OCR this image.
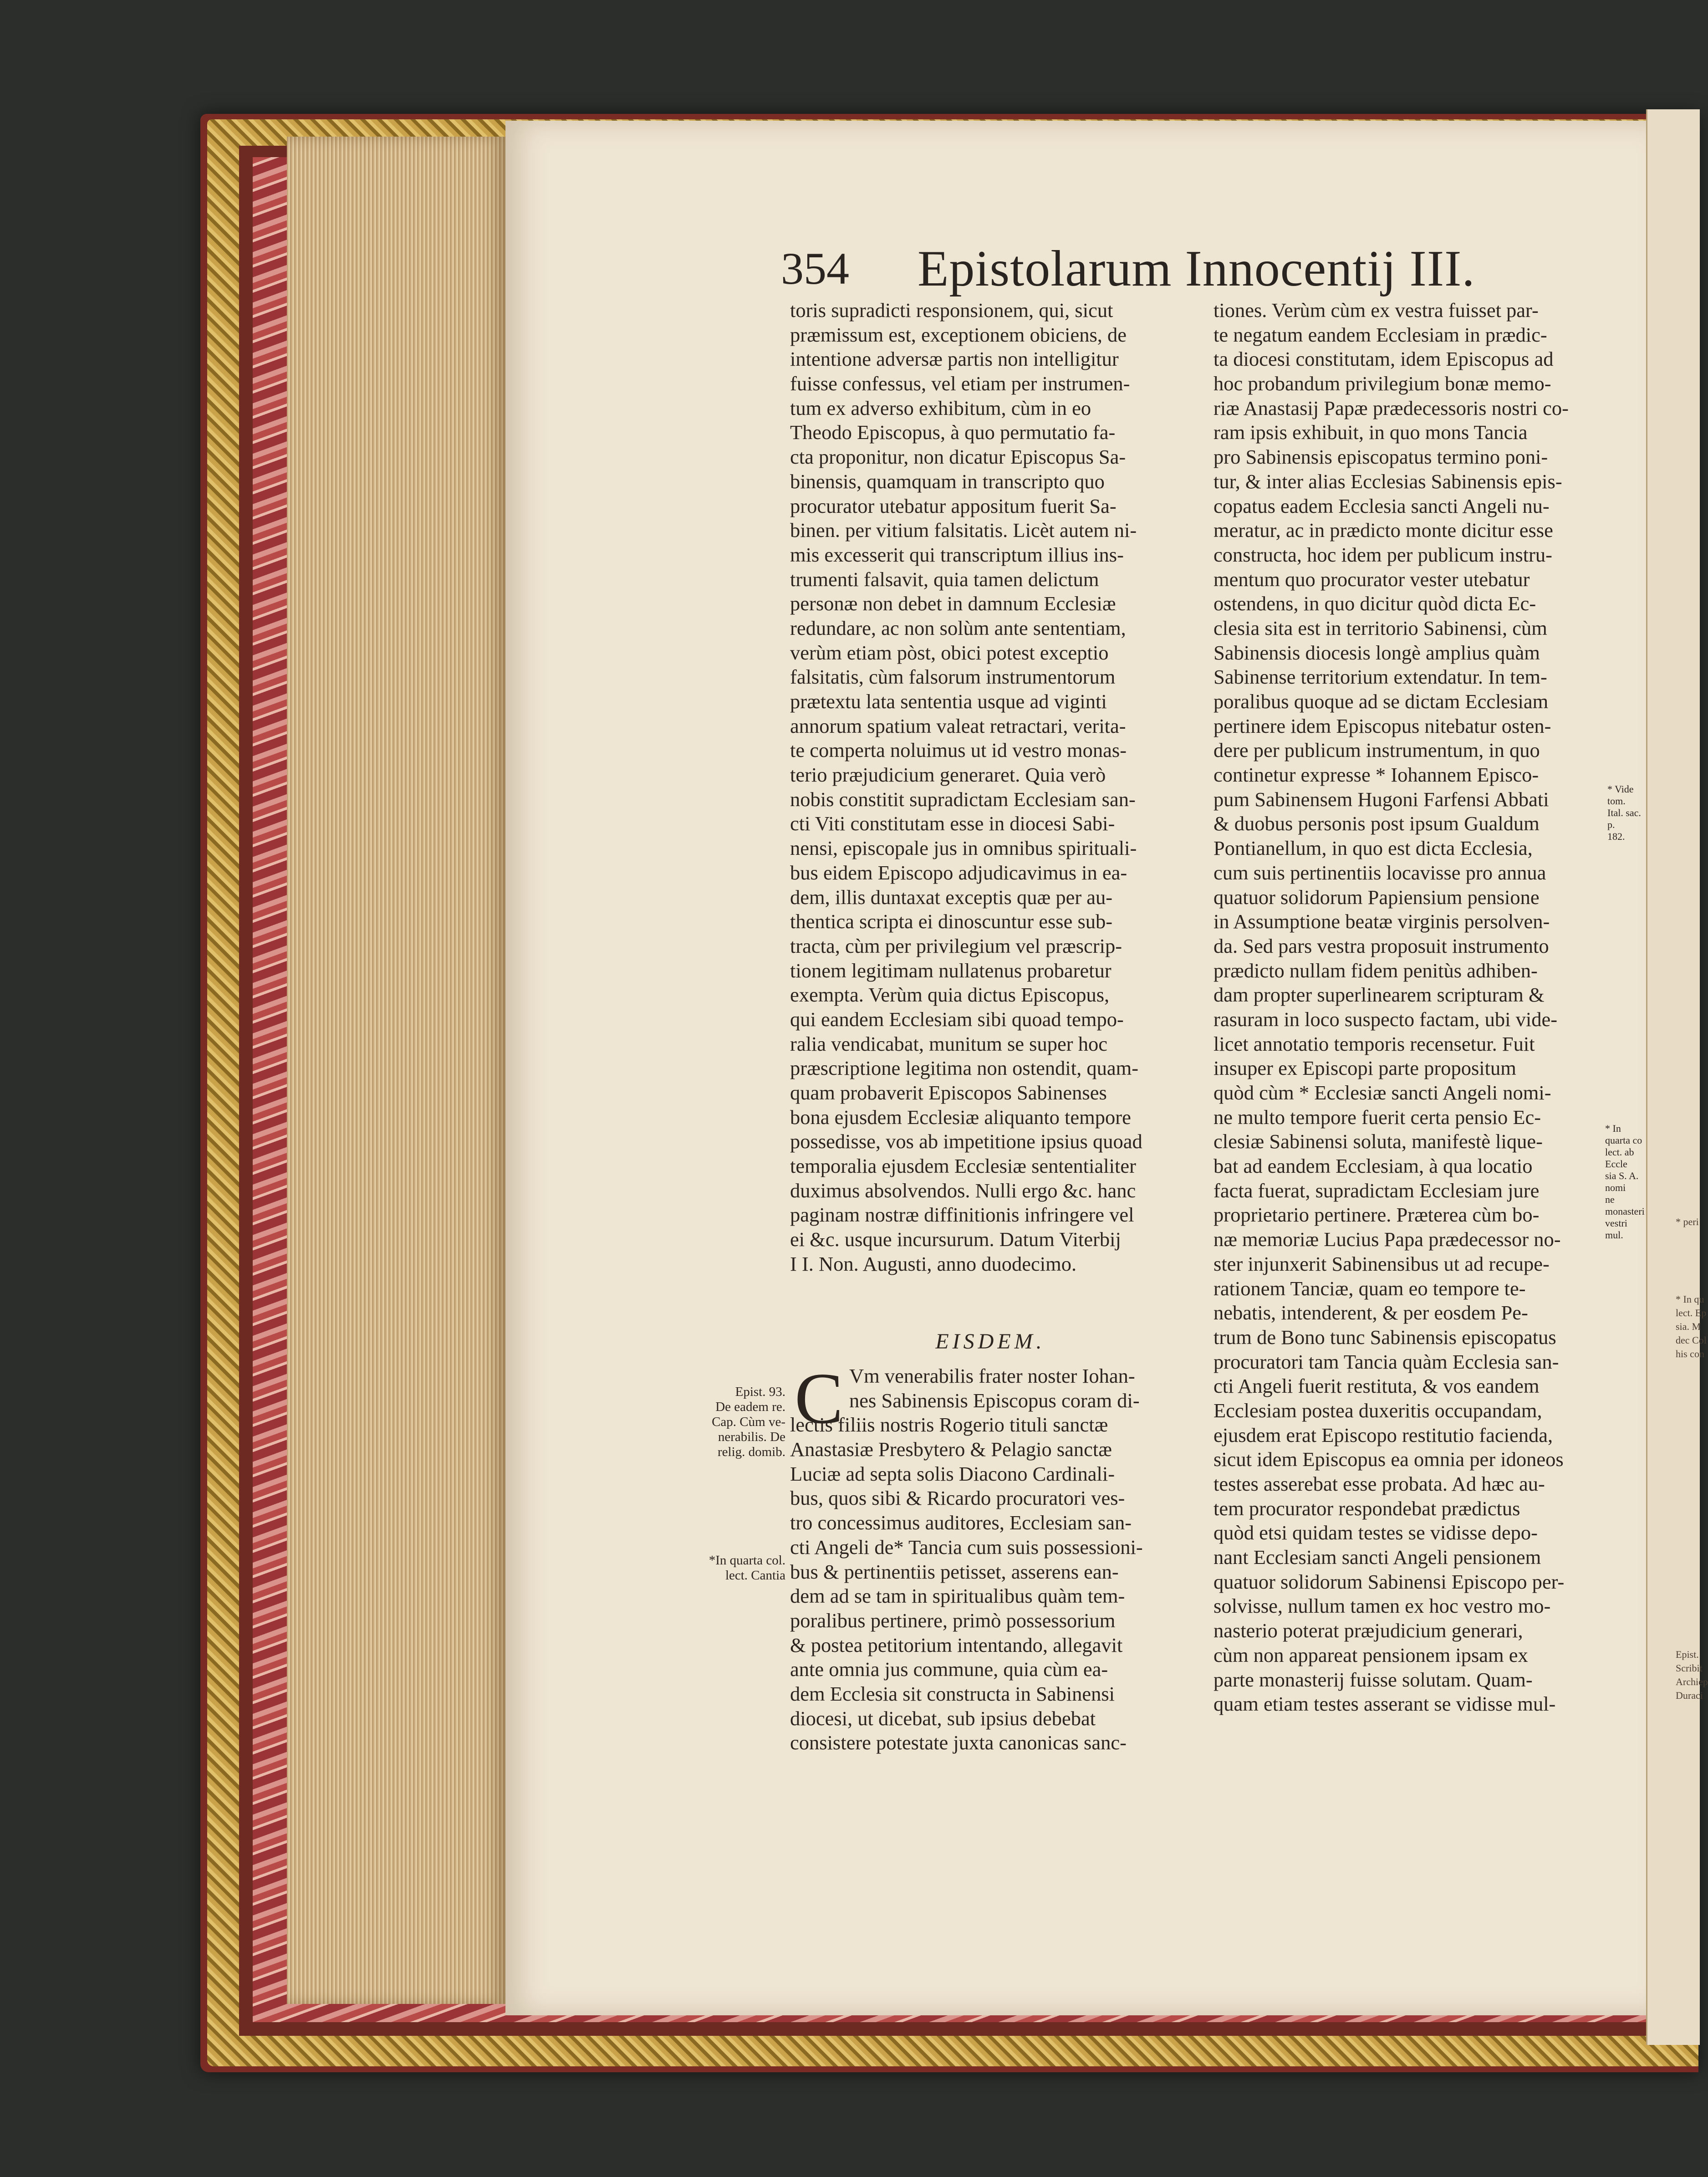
354 Epistolarum Innocentij III.
toris supradicti responsionem, qui, sicut
præmissum est, exceptionem obiciens, de
intentione adversæ partis non intelligitur
fuisse confessus, vel etiam per instrumen-
tum ex adverso exhibitum, cùm in eo
Theodo Episcopus, à quo permutatio fa-
cta proponitur, non dicatur Episcopus Sa-
binensis, quamquam in transcripto quo
procurator utebatur appositum fuerit Sa-
binen. per vitium falsitatis. Licèt autem ni-
mis excesserit qui transcriptum illius ins-
trumenti falsavit, quia tamen delictum
personæ non debet in damnum Ecclesiæ
redundare, ac non solùm ante sententiam,
verùm etiam pòst, obici potest exceptio
falsitatis, cùm falsorum instrumentorum
prætextu lata sententia usque ad viginti
annorum spatium valeat retractari, verita-
te comperta noluimus ut id vestro monas-
terio præjudicium generaret. Quia verò
nobis constitit supradictam Ecclesiam san-
cti Viti constitutam esse in diocesi Sabi-
nensi, episcopale jus in omnibus spirituali-
bus eidem Episcopo adjudicavimus in ea-
dem, illis duntaxat exceptis quæ per au-
thentica scripta ei dinoscuntur esse sub-
tracta, cùm per privilegium vel præscrip-
tionem legitimam nullatenus probaretur
exempta. Verùm quia dictus Episcopus,
qui eandem Ecclesiam sibi quoad tempo-
ralia vendicabat, munitum se super hoc
præscriptione legitima non ostendit, quam-
quam probaverit Episcopos Sabinenses
bona ejusdem Ecclesiæ aliquanto tempore
possedisse, vos ab impetitione ipsius quoad
temporalia ejusdem Ecclesiæ sententialiter
duximus absolvendos. Nulli ergo &c. hanc
paginam nostræ diffinitionis infringere vel
ei &c. usque incursurum. Datum Viterbij
I I. Non. Augusti, anno duodecimo.
EISDEM.
C Vm venerabilis frater noster Iohan-
nes Sabinensis Episcopus coram di-
lectis filiis nostris Rogerio tituli sanctæ
Anastasiæ Presbytero & Pelagio sanctæ
Luciæ ad septa solis Diacono Cardinali-
bus, quos sibi & Ricardo procuratori ves-
tro concessimus auditores, Ecclesiam san-
cti Angeli de* Tancia cum suis possessioni-
bus & pertinentiis petisset, asserens ean-
dem ad se tam in spiritualibus quàm tem-
poralibus pertinere, primò possessorium
& postea petitorium intentando, allegavit
ante omnia jus commune, quia cùm ea-
dem Ecclesia sit constructa in Sabinensi
diocesi, ut dicebat, sub ipsius debebat
consistere potestate juxta canonicas sanc-
tiones. Verùm cùm ex vestra fuisset par-
te negatum eandem Ecclesiam in prædic-
ta diocesi constitutam, idem Episcopus ad
hoc probandum privilegium bonæ memo-
riæ Anastasij Papæ prædecessoris nostri co-
ram ipsis exhibuit, in quo mons Tancia
pro Sabinensis episcopatus termino poni-
tur, & inter alias Ecclesias Sabinensis epis-
copatus eadem Ecclesia sancti Angeli nu-
meratur, ac in prædicto monte dicitur esse
constructa, hoc idem per publicum instru-
mentum quo procurator vester utebatur
ostendens, in quo dicitur quòd dicta Ec-
clesia sita est in territorio Sabinensi, cùm
Sabinensis diocesis longè amplius quàm
Sabinense territorium extendatur. In tem-
poralibus quoque ad se dictam Ecclesiam
pertinere idem Episcopus nitebatur osten-
dere per publicum instrumentum, in quo
continetur expresse * Iohannem Episco-
pum Sabinensem Hugoni Farfensi Abbati
& duobus personis post ipsum Gualdum
Pontianellum, in quo est dicta Ecclesia,
cum suis pertinentiis locavisse pro annua
quatuor solidorum Papiensium pensione
in Assumptione beatæ virginis persolven-
da. Sed pars vestra proposuit instrumento
prædicto nullam fidem penitùs adhiben-
dam propter superlinearem scripturam &
rasuram in loco suspecto factam, ubi vide-
licet annotatio temporis recensetur. Fuit
insuper ex Episcopi parte propositum
quòd cùm * Ecclesiæ sancti Angeli nomi-
ne multo tempore fuerit certa pensio Ec-
clesiæ Sabinensi soluta, manifestè lique-
bat ad eandem Ecclesiam, à qua locatio
facta fuerat, supradictam Ecclesiam jure
proprietario pertinere. Præterea cùm bo-
næ memoriæ Lucius Papa prædecessor no-
ster injunxerit Sabinensibus ut ad recupe-
rationem Tanciæ, quam eo tempore te-
nebatis, intenderent, & per eosdem Pe-
trum de Bono tunc Sabinensis episcopatus
procuratori tam Tancia quàm Ecclesia san-
cti Angeli fuerit restituta, & vos eandem
Ecclesiam postea duxeritis occupandam,
ejusdem erat Episcopo restitutio facienda,
sicut idem Episcopus ea omnia per idoneos
testes asserebat esse probata. Ad hæc au-
tem procurator respondebat prædictus
quòd etsi quidam testes se vidisse depo-
nant Ecclesiam sancti Angeli pensionem
quatuor solidorum Sabinensi Episcopo per-
solvisse, nullum tamen ex hoc vestro mo-
nasterio poterat præjudicium generari,
cùm non appareat pensionem ipsam ex
parte monasterij fuisse solutam. Quam-
quam etiam testes asserant se vidisse mul-
Epist. 93.
De eadem re.
Cap. Cùm ve-
nerabilis. De
relig. domib.
*In quarta col.
lect. Cantia
* Vide tom.
Ital. sac. p.
182.
* In quarta co
lect. ab Eccle
sia S. A. nomi
ne monasteri
vestri mul.
* peri
* In qu
lect. Ep
sia. M
dec Col
his con
Epist.
Scribit
Archiep
Duraci
